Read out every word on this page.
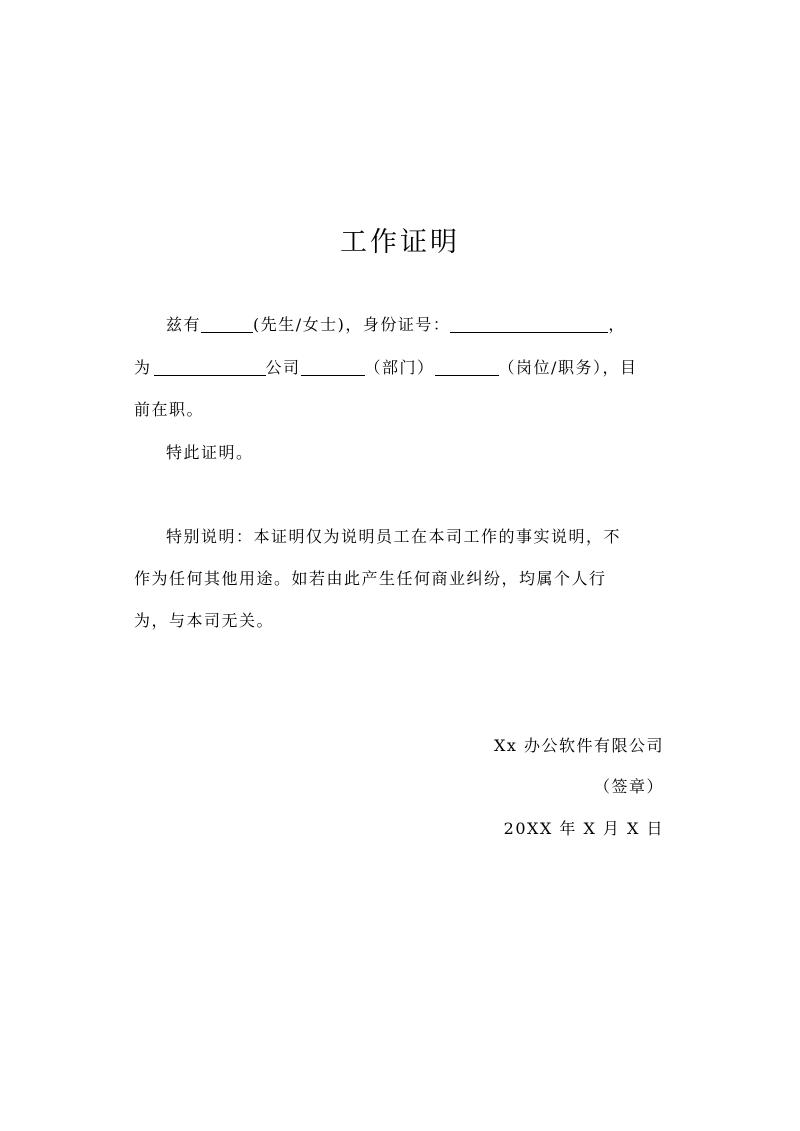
工作证明
兹有	(先生/女士)，身份证号：	，
为	公司	（部门）	（岗位/职务），目
前在职。
特此证明。
特别说明：本证明仅为说明员工在本司工作的事实说明，不
作为任何其他用途。如若由此产生任何商业纠纷，均属个人行
为，与本司无关。
Xx 办公软件有限公司
（签章）
20XX 年 X 月 X 日
